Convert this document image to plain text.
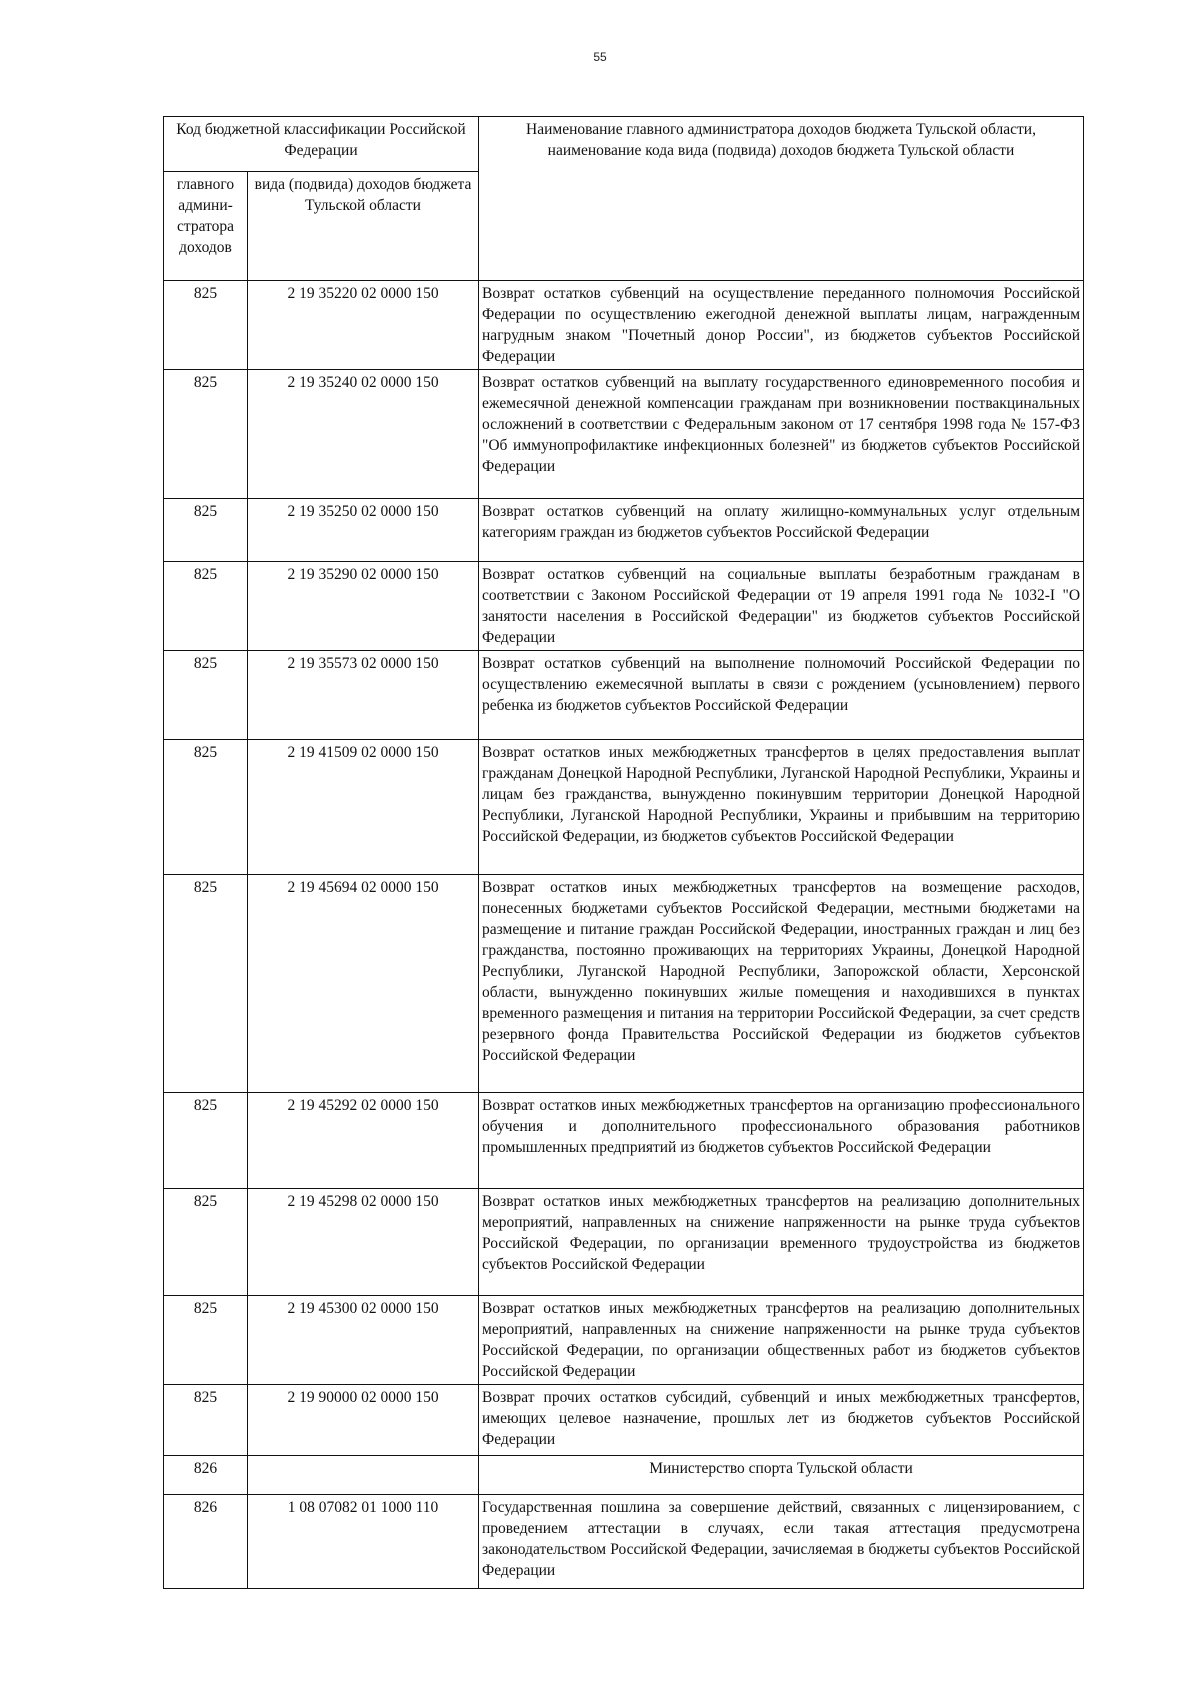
55
Код бюджетной классификации Российской Федерации		Наименование главного администратора доходов бюджета Тульской области, наименование кода вида (подвида) доходов бюджета Тульской области
главного админи-стратора доходов	вида (подвида) доходов бюджета Тульской области	
825	2 19 35220 02 0000 150	Возврат остатков субвенций на осуществление переданного полномочия Российской Федерации по осуществлению ежегодной денежной выплаты лицам, награжденным нагрудным знаком "Почетный донор России", из бюджетов субъектов Российской Федерации
825	2 19 35240 02 0000 150	Возврат остатков субвенций на выплату государственного единовременного пособия и ежемесячной денежной компенсации гражданам при возникновении поствакцинальных осложнений в соответствии с Федеральным законом от 17 сентября 1998 года № 157-ФЗ "Об иммунопрофилактике инфекционных болезней" из бюджетов субъектов Российской Федерации
825	2 19 35250 02 0000 150	Возврат остатков субвенций на оплату жилищно-коммунальных услуг отдельным категориям граждан из бюджетов субъектов Российской Федерации
825	2 19 35290 02 0000 150	Возврат остатков субвенций на социальные выплаты безработным гражданам в соответствии с Законом Российской Федерации от 19 апреля 1991 года № 1032-I "О занятости населения в Российской Федерации" из бюджетов субъектов Российской Федерации
825	2 19 35573 02 0000 150	Возврат остатков субвенций на выполнение полномочий Российской Федерации по осуществлению ежемесячной выплаты в связи с рождением (усыновлением) первого ребенка из бюджетов субъектов Российской Федерации
825	2 19 41509 02 0000 150	Возврат остатков иных межбюджетных трансфертов в целях предоставления выплат гражданам Донецкой Народной Республики, Луганской Народной Республики, Украины и лицам без гражданства, вынужденно покинувшим территории Донецкой Народной Республики, Луганской Народной Республики, Украины и прибывшим на территорию Российской Федерации, из бюджетов субъектов Российской Федерации
825	2 19 45694 02 0000 150	Возврат остатков иных межбюджетных трансфертов на возмещение расходов, понесенных бюджетами субъектов Российской Федерации, местными бюджетами на размещение и питание граждан Российской Федерации, иностранных граждан и лиц без гражданства, постоянно проживающих на территориях Украины, Донецкой Народной Республики, Луганской Народной Республики, Запорожской области, Херсонской области, вынужденно покинувших жилые помещения и находившихся в пунктах временного размещения и питания на территории Российской Федерации, за счет средств резервного фонда Правительства Российской Федерации из бюджетов субъектов Российской Федерации
825	2 19 45292 02 0000 150	Возврат остатков иных межбюджетных трансфертов на организацию профессионального обучения и дополнительного профессионального образования работников промышленных предприятий из бюджетов субъектов Российской Федерации
825	2 19 45298 02 0000 150	Возврат остатков иных межбюджетных трансфертов на реализацию дополнительных мероприятий, направленных на снижение напряженности на рынке труда субъектов Российской Федерации, по организации временного трудоустройства из бюджетов субъектов Российской Федерации
825	2 19 45300 02 0000 150	Возврат остатков иных межбюджетных трансфертов на реализацию дополнительных мероприятий, направленных на снижение напряженности на рынке труда субъектов Российской Федерации, по организации общественных работ из бюджетов субъектов Российской Федерации
825	2 19 90000 02 0000 150	Возврат прочих остатков субсидий, субвенций и иных межбюджетных трансфертов, имеющих целевое назначение, прошлых лет из бюджетов субъектов Российской Федерации
826		Министерство спорта Тульской области
826	1 08 07082 01 1000 110	Государственная пошлина за совершение действий, связанных с лицензированием, с проведением аттестации в случаях, если такая аттестация предусмотрена законодательством Российской Федерации, зачисляемая в бюджеты субъектов Российской Федерации
